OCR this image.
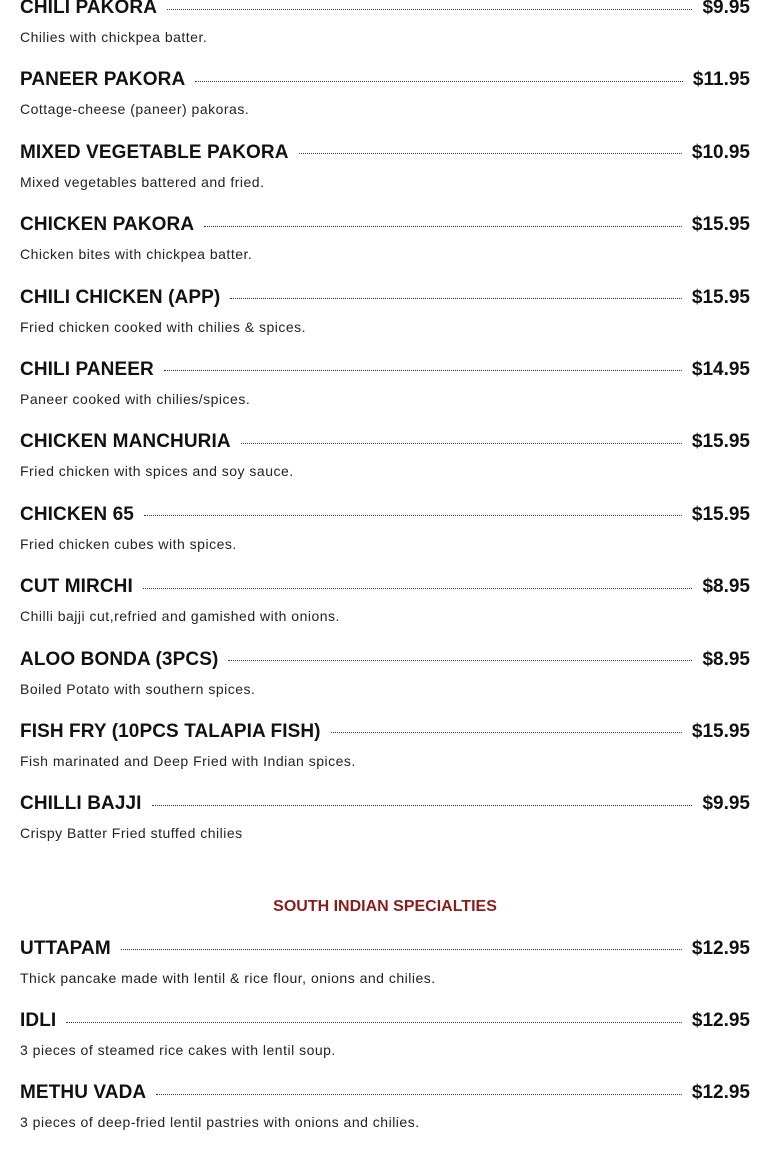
CHILI PAKORA	$9.95
Chilies with chickpea batter.
PANEER PAKORA	$11.95
Cottage-cheese (paneer) pakoras.
MIXED VEGETABLE PAKORA	$10.95
Mixed vegetables battered and fried.
CHICKEN PAKORA	$15.95
Chicken bites with chickpea batter.
CHILI CHICKEN (APP)	$15.95
Fried chicken cooked with chilies & spices.
CHILI PANEER	$14.95
Paneer cooked with chilies/spices.
CHICKEN MANCHURIA	$15.95
Fried chicken with spices and soy sauce.
CHICKEN 65	$15.95
Fried chicken cubes with spices.
CUT MIRCHI	$8.95
Chilli bajji cut,refried and gamished with onions.
ALOO BONDA (3PCS)	$8.95
Boiled Potato with southern spices.
FISH FRY (10PCS TALAPIA FISH)	$15.95
Fish marinated and Deep Fried with Indian spices.
CHILLI BAJJI	$9.95
Crispy Batter Fried stuffed chilies
SOUTH INDIAN SPECIALTIES
UTTAPAM	$12.95
Thick pancake made with lentil & rice flour, onions and chilies.
IDLI	$12.95
3 pieces of steamed rice cakes with lentil soup.
METHU VADA	$12.95
3 pieces of deep-fried lentil pastries with onions and chilies.
